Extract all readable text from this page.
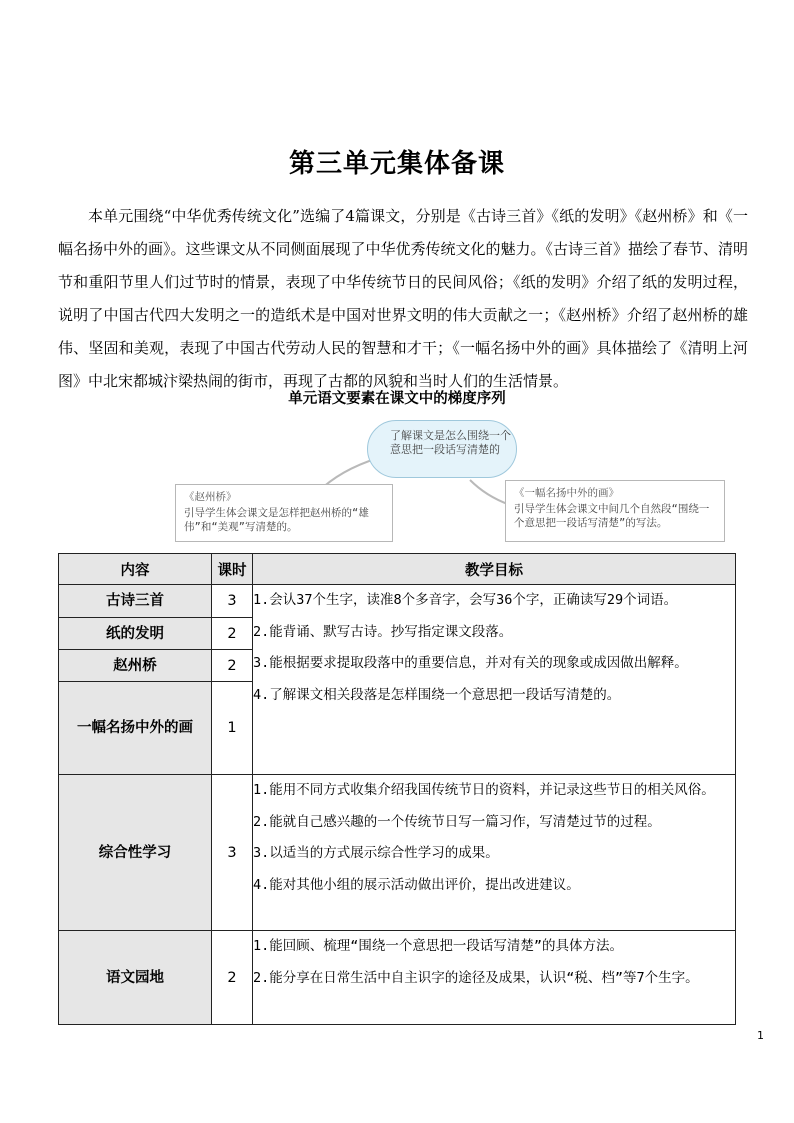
第三单元集体备课

本单元围绕“中华优秀传统文化”选编了4篇课文，分别是《古诗三首》《纸的发明》《赵州桥》和《一幅名扬中外的画》。这些课文从不同侧面展现了中华优秀传统文化的魅力。《古诗三首》描绘了春节、清明节和重阳节里人们过节时的情景，表现了中华传统节日的民间风俗；《纸的发明》介绍了纸的发明过程，说明了中国古代四大发明之一的造纸术是中国对世界文明的伟大贡献之一；《赵州桥》介绍了赵州桥的雄伟、坚固和美观，表现了中国古代劳动人民的智慧和才干；《一幅名扬中外的画》具体描绘了《清明上河图》中北宋都城汴梁热闹的街市，再现了古都的风貌和当时人们的生活情景。

单元语文要素在课文中的梯度序列
了解课文是怎么围绕一个意思把一段话写清楚的
《赵州桥》
引导学生体会课文是怎样把赵州桥的“雄伟”和“美观”写清楚的。
《一幅名扬中外的画》
引导学生体会课文中间几个自然段“围绕一个意思把一段话写清楚”的写法。
内容	课时	教学目标
古诗三首	3	1.会认37个生字，读准8个多音字，会写36个字，正确读写29个词语。
2.能背诵、默写古诗。抄写指定课文段落。
3.能根据要求提取段落中的重要信息，并对有关的现象或成因做出解释。
4.了解课文相关段落是怎样围绕一个意思把一段话写清楚的。

纸的发明	2	
赵州桥	2	
一幅名扬中外的画	1	
综合性学习	3	1.能用不同方式收集介绍我国传统节日的资料，并记录这些节日的相关风俗。
2.能就自己感兴趣的一个传统节日写一篇习作，写清楚过节的过程。
3.以适当的方式展示综合性学习的成果。
4.能对其他小组的展示活动做出评价，提出改进建议。

语文园地	2	1.能回顾、梳理“围绕一个意思把一段话写清楚”的具体方法。
2.能分享在日常生活中自主识字的途径及成果，认识“税、档”等7个生字。
1
